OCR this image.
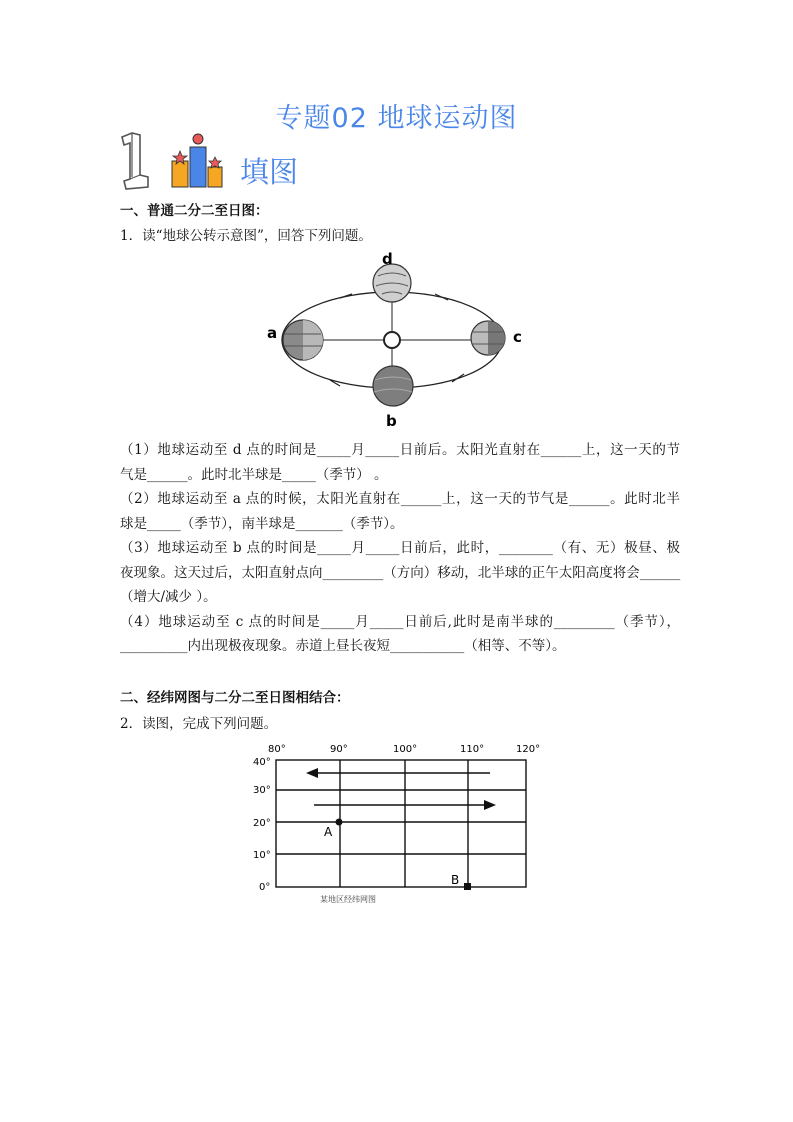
专题02 地球运动图
填图
一、普通二分二至日图：
1．读“地球公转示意图”，回答下列问题。
d
a	c
b
（1）地球运动至 d 点的时间是_____月_____日前后。太阳光直射在______上，这一天的节
气是______。此时北半球是_____（季节） 。
（2）地球运动至 a 点的时候，太阳光直射在______上，这一天的节气是______。此时北半
球是_____（季节），南半球是_______（季节）。
（3）地球运动至 b 点的时间是_____月_____日前后，此时，________（有、无）极昼、极
夜现象。这天过后，太阳直射点向_________（方向）移动，北半球的正午太阳高度将会______
（增大/减少 ）。
（4）地球运动至 c 点的时间是_____月_____日前后,此时是南半球的_________（季节），
__________内出现极夜现象。赤道上昼长夜短___________（相等、不等）。
二、经纬网图与二分二至日图相结合：
2．读图，完成下列问题。
A
B
80°	90°	100°	110°	120°
40°
30°
20°
10°
0°
某地区经纬网图
